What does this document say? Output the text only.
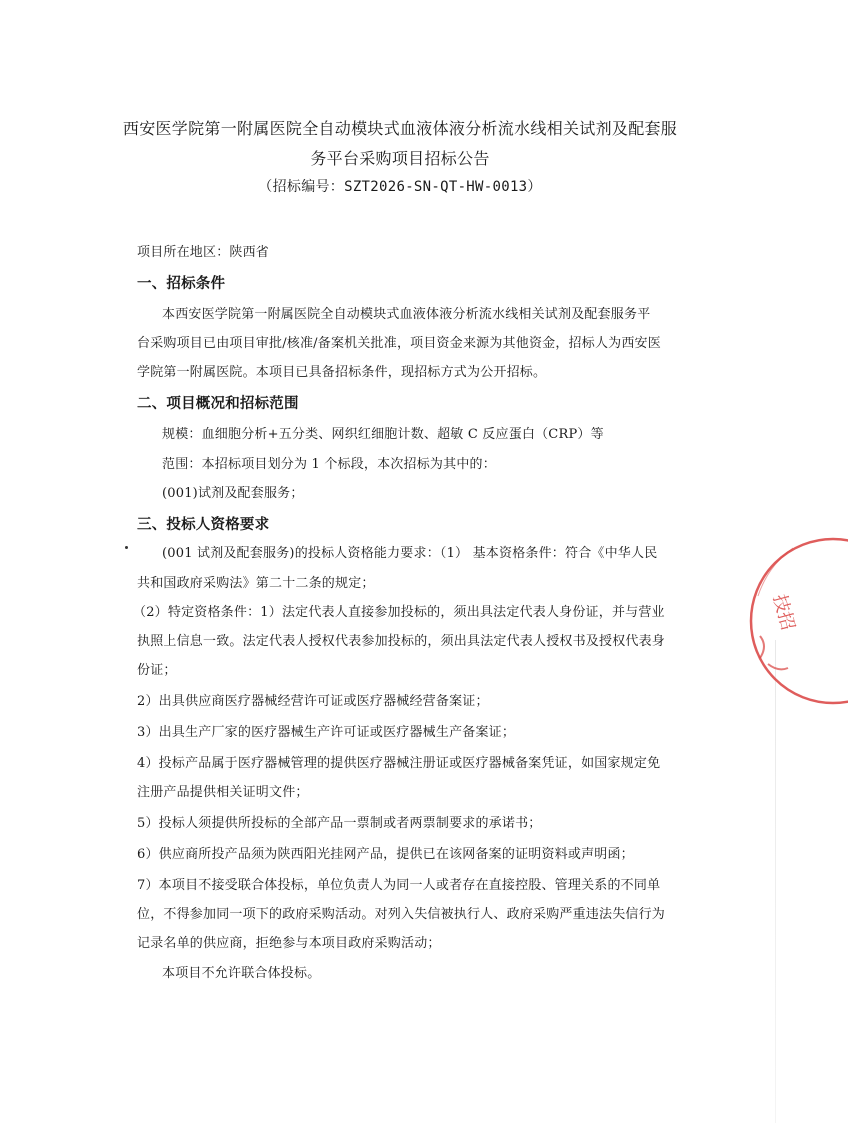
西安医学院第一附属医院全自动模块式血液体液分析流水线相关试剂及配套服
务平台采购项目招标公告
（招标编号：SZT2026-SN-QT-HW-0013）
项目所在地区：陕西省
一、招标条件
本西安医学院第一附属医院全自动模块式血液体液分析流水线相关试剂及配套服务平
台采购项目已由项目审批/核准/备案机关批准，项目资金来源为其他资金，招标人为西安医
学院第一附属医院。本项目已具备招标条件，现招标方式为公开招标。
二、项目概况和招标范围
规模：血细胞分析+五分类、网织红细胞计数、超敏 C 反应蛋白（CRP）等
范围：本招标项目划分为 1 个标段，本次招标为其中的：
(001)试剂及配套服务；
三、投标人资格要求
(001 试剂及配套服务)的投标人资格能力要求：（1） 基本资格条件：符合《中华人民
共和国政府采购法》第二十二条的规定；
（2）特定资格条件：1）法定代表人直接参加投标的，须出具法定代表人身份证，并与营业
执照上信息一致。法定代表人授权代表参加投标的，须出具法定代表人授权书及授权代表身
份证；
2）出具供应商医疗器械经营许可证或医疗器械经营备案证；
3）出具生产厂家的医疗器械生产许可证或医疗器械生产备案证；
4）投标产品属于医疗器械管理的提供医疗器械注册证或医疗器械备案凭证，如国家规定免
注册产品提供相关证明文件；
5）投标人须提供所投标的全部产品一票制或者两票制要求的承诺书；
6）供应商所投产品须为陕西阳光挂网产品，提供已在该网备案的证明资料或声明函；
7）本项目不接受联合体投标，单位负责人为同一人或者存在直接控股、管理关系的不同单
位，不得参加同一项下的政府采购活动。对列入失信被执行人、政府采购严重违法失信行为
记录名单的供应商，拒绝参与本项目政府采购活动；
本项目不允许联合体投标。
技招
